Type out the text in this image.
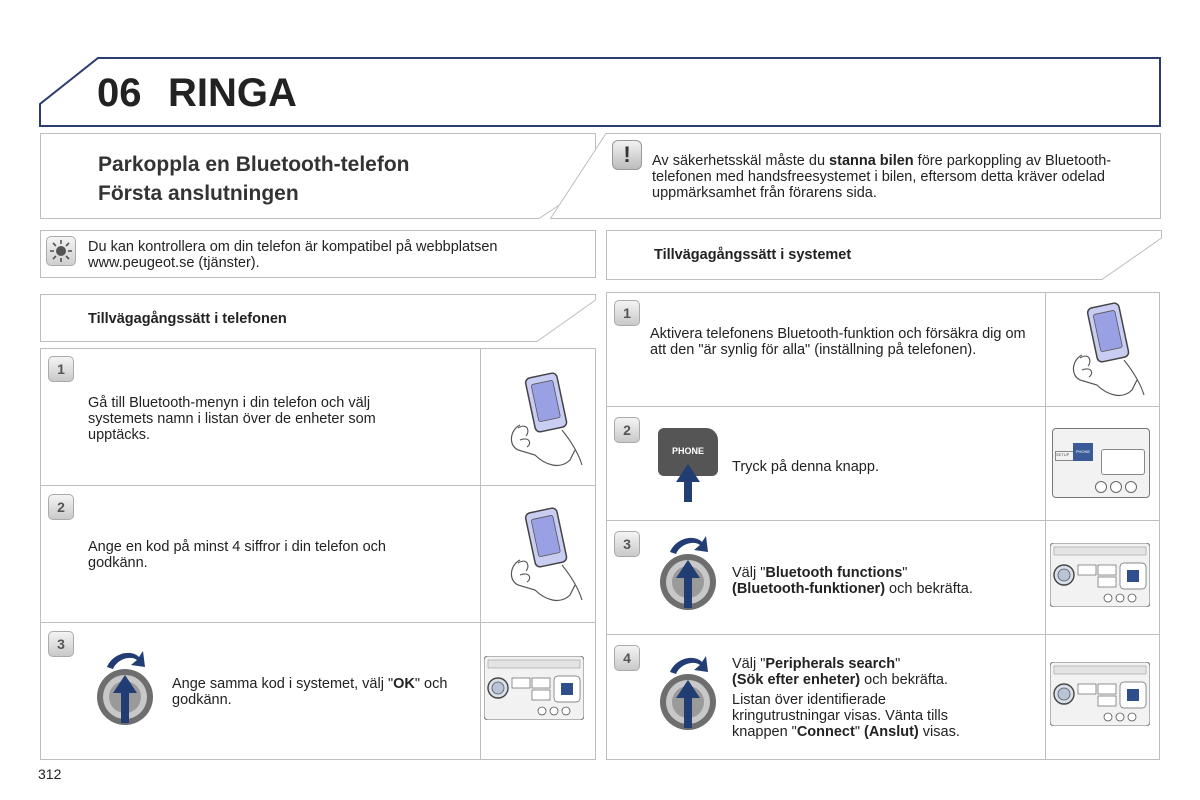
06 RINGA
Parkoppla en Bluetooth-telefon
Första anslutningen
!	Av säkerhetsskäl måste du stanna bilen före parkoppling av Bluetooth-telefonen med handsfreesystemet i bilen, eftersom detta kräver odelad uppmärksamhet från förarens sida.
Du kan kontrollera om din telefon är kompatibel på webbplatsen www.peugeot.se (tjänster).	Tillvägagångssätt i systemet
Tillvägagångssätt i telefonen
1
Gå till Bluetooth-menyn i din telefon och välj systemets namn i listan över de enheter som upptäcks.
2
Ange en kod på minst 4 siffror i din telefon och godkänn.
3
Ange samma kod i systemet, välj "OK" och godkänn.
1
Aktivera telefonens Bluetooth-funktion och försäkra dig om att den "är synlig för alla" (inställning på telefonen).
2
PHONE
Tryck på denna knapp.
SETUP
PHONE
3
Välj "Bluetooth functions"
(Bluetooth-funktioner) och bekräfta.
4	Välj "Peripherals search"
(Sök efter enheter) och bekräfta.
Listan över identifierade kringutrustningar visas. Vänta tills knappen "Connect" (Anslut) visas.
312
